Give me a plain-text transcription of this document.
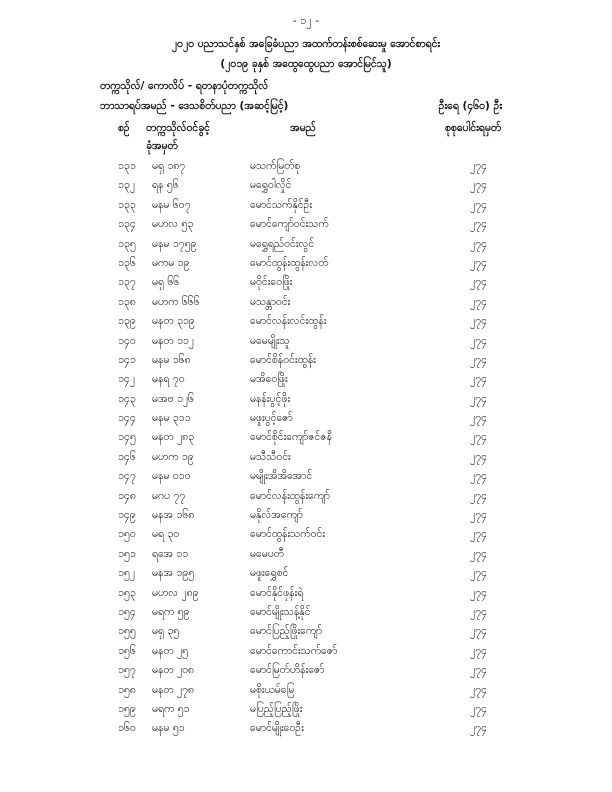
- ၁၂ -
၂၀၂၀ ပညာသင်နှစ် အခြေခံပညာ အထက်တန်းစစ်ဆေးမှု အောင်စာရင်း
(၂၀၁၉ ခုနှစ် အထွေထွေပညာ အောင်မြင်သူ)
တက္ကသိုလ်/ ကောလိပ် - ရတနာပုံတက္ကသိုလ်
ဘာသာရပ်အမည် - ဒေသစိတ်ပညာ (အဆင့်မြင့်)	ဦးရေ (၄၆၀) ဦး
စဉ် တက္ကသိုလ်ဝင်ခွင့်
ခုံအမှတ်
အမည်	စုစုပေါင်းရမှတ်
၁၃၁ မရှ ၁၈၇	မသက်မြတ်စု	၂၇၄
၁၃၂ ရန ၅၆	မရွှေဝါလှိုင်	၂၇၄
၁၃၃ မနမ ၆၀၇	မောင်သက်နိုင်ဦး	၂၇၄
၁၃၄ မဟလ ၅၃	မောင်ကျော်ဝင်းသက်	၂၇၄
၁၃၅ မနမ ၁၇၅၉	မရွှေရည်ဝင်းလွင်	၂၇၄
၁၃၆ မကမ ၁၉	မောင်ထွန်းထွန်းလတ်	၂၇၄
၁၃၇ မရှ ၆၆	မဝိုင်းဝေဖြိုး	၂၇၄
၁၃၈ မဟက ၆၆၆	မသန္တာဝင်း	၂၇၄
၁၃၉ မနတ ၃၁၉	မောင်လန်းလင်းထွန်း	၂၇၄
၁၄၀ မနတ ၁၁၂	မမေမျိုးသူ	၂၇၄
၁၄၁ မနမ ၁၆၈	မောင်စိန်ဝင်းထွန်း	၂၇၄
၁၄၂ မနရ ၇၀	မအိဝေဖြိုး	၂၇၄
၁၄၃ မအဗ ၁၂၆	မနန်းပွင့်ဖိုး	၂၇၄
၁၄၄ မနမ ၃၁၁	မဖူးပွင့်ဇော်	၂၇၄
၁၄၅ မနတ ၂၈၃	မောင်စိုင်းကျော်ဇင်ဇနိ	၂၇၄
၁၄၆ မဟက ၁၉	မသီသီဝင်း	၂၇၄
၁၄၇ မနမ ၀၁၀	မမျိုးအိအိအောင်	၂၇၄
၁၄၈ မဂပ ၇၇	မောင်လန်းထွန်းကျော်	၂၇၄
၁၄၉ မနအ ၁၆၈	မနိုလ်အကျော်	၂၇၄
၁၅၀ မရ ၃၀	မောင်ထွန်းသက်ဝင်း	၂၇၄
၁၅၁ ရအေ ၁၁	မမေပတီ	၂၇၄
၁၅၂ မနအ ၁၉၅	မဖူးရွှေစင်	၂၇၄
၁၅၃ မဟလ ၂၈၉	မောင်နိုင်ဖုန်းရဲ	၂၇၄
၁၅၄ မရက ၅၉	မောင်မျိုးသန့်နိုင်	၂၇၄
၁၅၅ မရှ ၃၅	မောင်ပြည့်ဖြိုးကျော်	၂၇၄
၁၅၆ မနတ ၂၅	မောင်ကောင်းသက်ဇော်	၂၇၄
၁၅၇ မနတ ၂၀၈	မောင်မြတ်ဟိန်းဇော်	၂၇၄
၁၅၈ မနတ ၂၇၈	မစိုးယမ်မြေ	၂၇၄
၁၅၉ မရက ၅၁	မပြည့်ပြည့်ဖြိုး	၂၇၄
၁၆၀ မနမ ၅၁	မောင်မျိုးဝေဦး	၂၇၄
